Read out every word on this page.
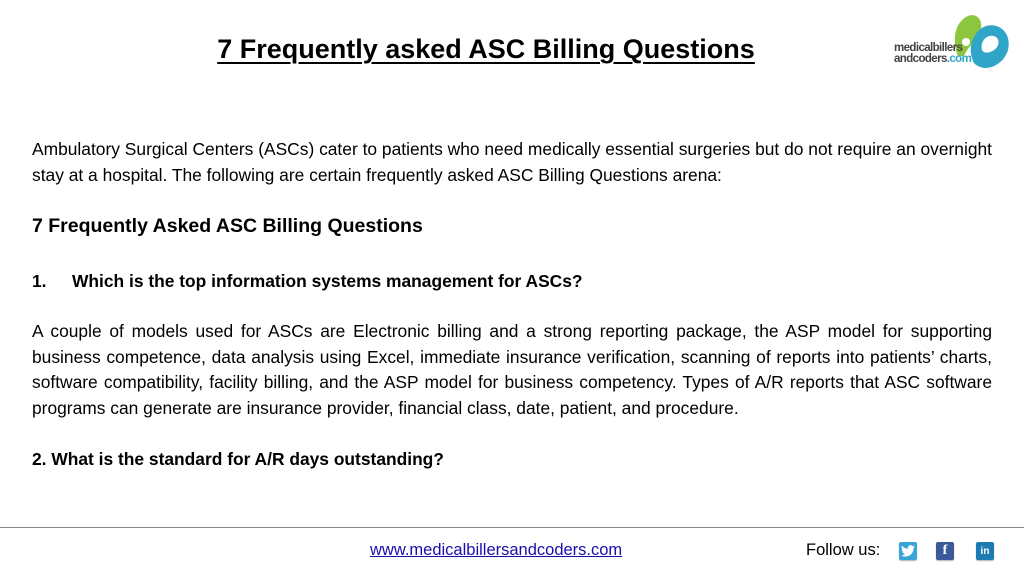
7 Frequently asked ASC Billing Questions	medicalbillers
andcoders.com

Ambulatory Surgical Centers (ASCs) cater to patients who need medically essential surgeries but do not require an overnight stay at a hospital. The following are certain frequently asked ASC Billing Questions arena:

7 Frequently Asked ASC Billing Questions

1.	Which is the top information systems management for ASCs?

A couple of models used for ASCs are Electronic billing and a strong reporting package, the ASP model for supporting business competence, data analysis using Excel, immediate insurance verification, scanning of reports into patients’ charts, software compatibility, facility billing, and the ASP model for business competency. Types of A/R reports that ASC software programs can generate are insurance provider, financial class, date, patient, and procedure.

2. What is the standard for A/R days outstanding?

www.medicalbillersandcoders.com	Follow us:	f	in
